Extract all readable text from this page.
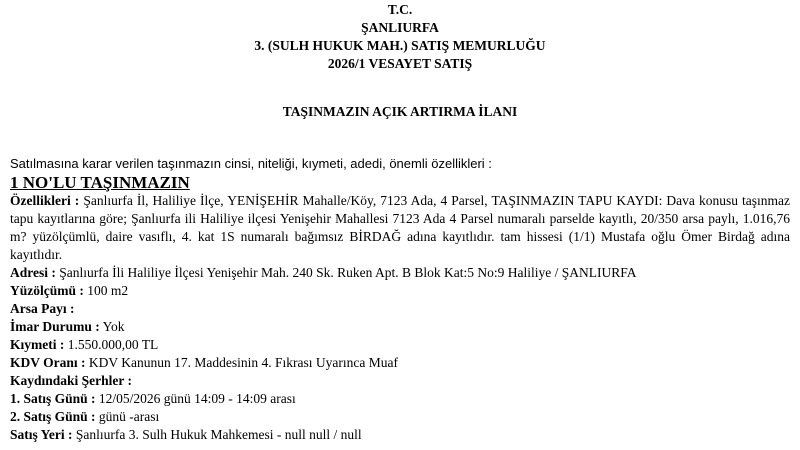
T.C.
ŞANLIURFA
3. (SULH HUKUK MAH.) SATIŞ MEMURLUĞU
2026/1 VESAYET SATIŞ
TAŞINMAZIN AÇIK ARTIRMA İLANI
Satılmasına karar verilen taşınmazın cinsi, niteliği, kıymeti, adedi, önemli özellikleri :
1 NO'LU TAŞINMAZIN
Özellikleri : Şanlıurfa İl, Haliliye İlçe, YENİŞEHİR Mahalle/Köy, 7123 Ada, 4 Parsel, TAŞINMAZIN TAPU KAYDI: Dava konusu taşınmaz tapu kayıtlarına göre; Şanlıurfa ili Haliliye ilçesi Yenişehir Mahallesi 7123 Ada 4 Parsel numaralı parselde kayıtlı, 20/350 arsa paylı, 1.016,76 m? yüzölçümlü, daire vasıflı, 4. kat 1S numaralı bağımsız BİRDAĞ adına kayıtlıdır. tam hissesi (1/1) Mustafa oğlu Ömer Birdağ adına kayıtlıdır.
Adresi : Şanlıurfa İli Haliliye İlçesi Yenişehir Mah. 240 Sk. Ruken Apt. B Blok Kat:5 No:9 Haliliye / ŞANLIURFA
Yüzölçümü : 100 m2
Arsa Payı :
İmar Durumu : Yok
Kıymeti : 1.550.000,00 TL
KDV Oranı : KDV Kanunun 17. Maddesinin 4. Fıkrası Uyarınca Muaf
Kaydındaki Şerhler :
1. Satış Günü : 12/05/2026 günü 14:09 - 14:09 arası
2. Satış Günü : günü -arası
Satış Yeri : Şanlıurfa 3. Sulh Hukuk Mahkemesi - null null / null
